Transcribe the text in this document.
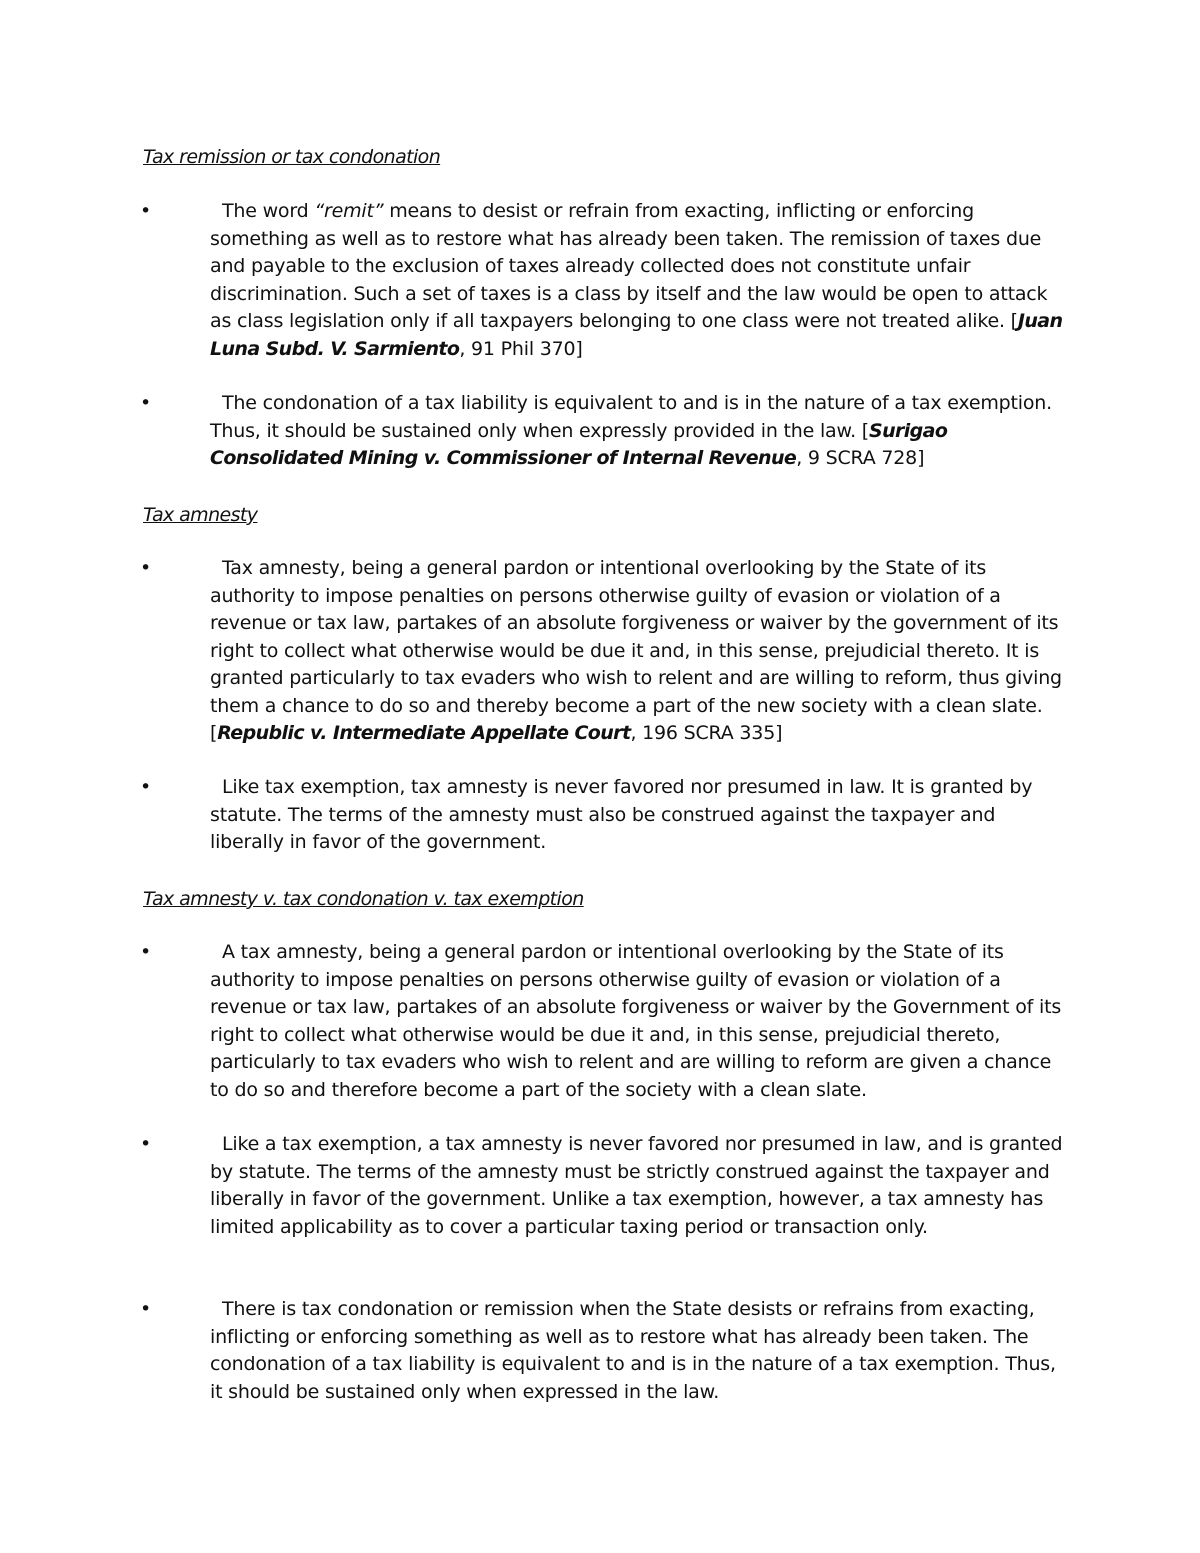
Tax remission or tax condonation
•	The word “remit” means to desist or refrain from exacting, inflicting or enforcing something as well as to restore what has already been taken. The remission of taxes due and payable to the exclusion of taxes already collected does not constitute unfair discrimination. Such a set of taxes is a class by itself and the law would be open to attack as class legislation only if all taxpayers belonging to one class were not treated alike. [Juan Luna Subd. V. Sarmiento, 91 Phil 370]
•	The condonation of a tax liability is equivalent to and is in the nature of a tax exemption. Thus, it should be sustained only when expressly provided in the law. [Surigao Consolidated Mining v. Commissioner of Internal Revenue, 9 SCRA 728]
Tax amnesty
•	Tax amnesty, being a general pardon or intentional overlooking by the State of its authority to impose penalties on persons otherwise guilty of evasion or violation of a revenue or tax law, partakes of an absolute forgiveness or waiver by the government of its right to collect what otherwise would be due it and, in this sense, prejudicial thereto. It is granted particularly to tax evaders who wish to relent and are willing to reform, thus giving them a chance to do so and thereby become a part of the new society with a clean slate. [Republic v. Intermediate Appellate Court, 196 SCRA 335]
•	Like tax exemption, tax amnesty is never favored nor presumed in law. It is granted by statute. The terms of the amnesty must also be construed against the taxpayer and liberally in favor of the government.
Tax amnesty v. tax condonation v. tax exemption
•	A tax amnesty, being a general pardon or intentional overlooking by the State of its authority to impose penalties on persons otherwise guilty of evasion or violation of a revenue or tax law, partakes of an absolute forgiveness or waiver by the Government of its right to collect what otherwise would be due it and, in this sense, prejudicial thereto, particularly to tax evaders who wish to relent and are willing to reform are given a chance to do so and therefore become a part of the society with a clean slate.
•	Like a tax exemption, a tax amnesty is never favored nor presumed in law, and is granted by statute. The terms of the amnesty must be strictly construed against the taxpayer and liberally in favor of the government. Unlike a tax exemption, however, a tax amnesty has limited applicability as to cover a particular taxing period or transaction only.
•	There is tax condonation or remission when the State desists or refrains from exacting, inflicting or enforcing something as well as to restore what has already been taken. The condonation of a tax liability is equivalent to and is in the nature of a tax exemption. Thus, it should be sustained only when expressed in the law.
